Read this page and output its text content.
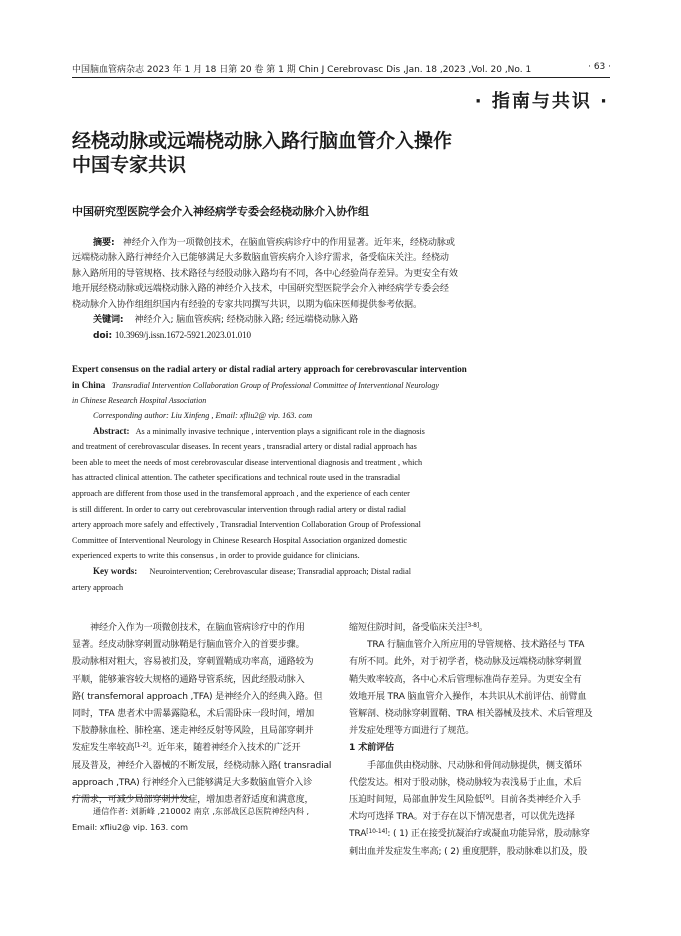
中国脑血管病杂志 2023 年 1 月 18 日第 20 卷 第 1 期 Chin J Cerebrovasc Dis ,Jan. 18 ,2023 ,Vol. 20 ,No. 1	· 63 ·
· 指南与共识 ·
经桡动脉或远端桡动脉入路行脑血管介入操作
中国专家共识
中国研究型医院学会介入神经病学专委会经桡动脉介入协作组
摘要: 神经介入作为一项微创技术，在脑血管疾病诊疗中的作用显著。近年来，经桡动脉或
远端桡动脉入路行神经介入已能够满足大多数脑血管疾病介入诊疗需求，备受临床关注。经桡动
脉入路所用的导管规格、技术路径与经股动脉入路均有不同，各中心经验尚存差异。为更安全有效
地开展经桡动脉或远端桡动脉入路的神经介入技术，中国研究型医院学会介入神经病学专委会经
桡动脉介入协作组组织国内有经验的专家共同撰写共识，以期为临床医师提供参考依据。
关键词: 神经介入; 脑血管疾病; 经桡动脉入路; 经远端桡动脉入路
doi: 10.3969/j.issn.1672-5921.2023.01.010
Expert consensus on the radial artery or distal radial artery approach for cerebrovascular intervention
in China Transradial Intervention Collaboration Group of Professional Committee of Interventional Neurology
in Chinese Research Hospital Association
Corresponding author: Liu Xinfeng , Email: xfliu2@ vip. 163. com
Abstract: As a minimally invasive technique , intervention plays a significant role in the diagnosis
and treatment of cerebrovascular diseases. In recent years , transradial artery or distal radial approach has
been able to meet the needs of most cerebrovascular disease interventional diagnosis and treatment , which
has attracted clinical attention. The catheter specifications and technical route used in the transradial
approach are different from those used in the transfemoral approach , and the experience of each center
is still different. In order to carry out cerebrovascular intervention through radial artery or distal radial
artery approach more safely and effectively , Transradial Intervention Collaboration Group of Professional
Committee of Interventional Neurology in Chinese Research Hospital Association organized domestic
experienced experts to write this consensus , in order to provide guidance for clinicians.
Key words: Neurointervention; Cerebrovascular disease; Transradial approach; Distal radial
artery approach
神经介入作为一项微创技术，在脑血管病诊疗中的作用
显著。经皮动脉穿刺置动脉鞘是行脑血管介入的首要步骤。
股动脉相对粗大，容易被扪及，穿刺置鞘成功率高，通路较为
平顺，能够兼容较大规格的通路导管系统，因此经股动脉入
路( transfemoral approach ,TFA) 是神经介入的经典入路。但
同时，TFA 患者术中需暴露隐私，术后需卧床一段时间，增加
下肢静脉血栓、肺栓塞、迷走神经反射等风险，且局部穿刺并
发症发生率较高[1-2]。近年来，随着神经介入技术的广泛开
展及普及，神经介入器械的不断发展，经桡动脉入路( transradial
approach ,TRA) 行神经介入已能够满足大多数脑血管介入诊
疗需求，可减少局部穿刺并发症，增加患者舒适度和满意度，
通信作者: 刘新峰 ,210002 南京 ,东部战区总医院神经内科 ,
Email: xfliu2@ vip. 163. com
缩短住院时间，备受临床关注[3-8]。
TRA 行脑血管介入所应用的导管规格、技术路径与 TFA
有所不同。此外，对于初学者，桡动脉及远端桡动脉穿刺置
鞘失败率较高，各中心术后管理标准尚存差异。为更安全有
效地开展 TRA 脑血管介入操作，本共识从术前评估、前臂血
管解剖、桡动脉穿刺置鞘、TRA 相关器械及技术、术后管理及
并发症处理等方面进行了规范。
1 术前评估
手部血供由桡动脉、尺动脉和骨间动脉提供，侧支循环
代偿发达。相对于股动脉，桡动脉较为表浅易于止血，术后
压迫时间短，局部血肿发生风险低[9]。目前各类神经介入手
术均可选择 TRA。对于存在以下情况患者，可以优先选择
TRA[10-14]: ( 1) 正在接受抗凝治疗或凝血功能异常，股动脉穿
刺出血并发症发生率高; ( 2) 重度肥胖，股动脉难以扪及，股
